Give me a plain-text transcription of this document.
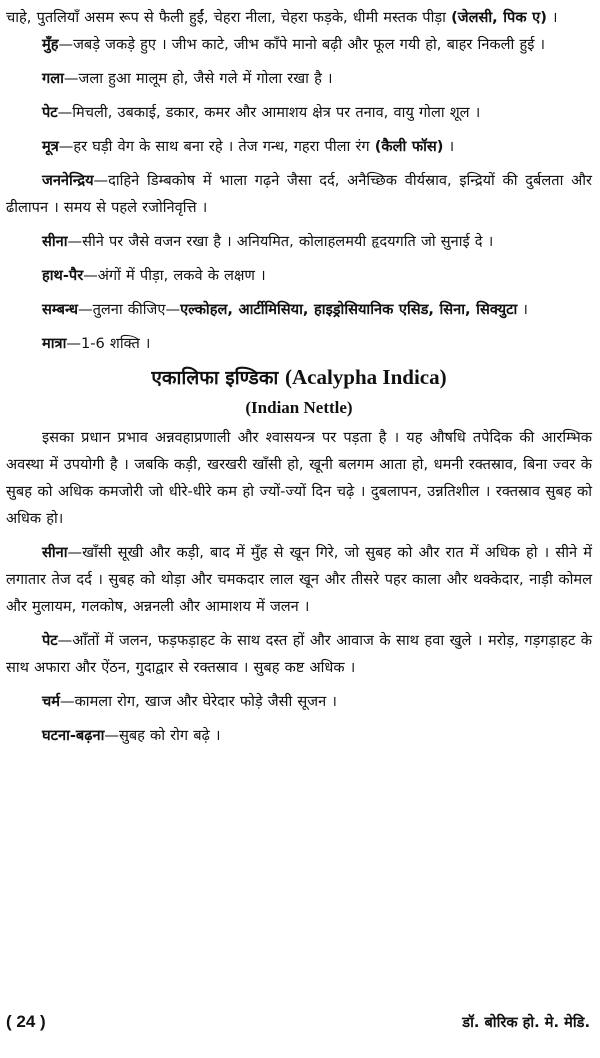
चाहे, पुतलियाँ असम रूप से फैली हुईं, चेहरा नीला, चेहरा फड़के, धीमी मस्तक पीड़ा (जेलसी, पिक ए) ।

मुँह—जबड़े जकड़े हुए । जीभ काटे, जीभ काँपे मानो बढ़ी और फूल गयी हो, बाहर निकली हुई ।

गला—जला हुआ मालूम हो, जैसे गले में गोला रखा है ।

पेट—मिचली, उबकाई, डकार, कमर और आमाशय क्षेत्र पर तनाव, वायु गोला शूल ।

मूत्र—हर घड़ी वेग के साथ बना रहे । तेज गन्ध, गहरा पीला रंग (कैली फॉस) ।

जननेन्द्रिय—दाहिने डिम्बकोष में भाला गढ़ने जैसा दर्द, अनैच्छिक वीर्यस्राव, इन्द्रियों की दुर्बलता और ढीलापन । समय से पहले रजोनिवृत्ति ।

सीना—सीने पर जैसे वजन रखा है । अनियमित, कोलाहलमयी हृदयगति जो सुनाई दे ।

हाथ-पैर—अंगों में पीड़ा, लकवे के लक्षण ।

सम्बन्ध—तुलना कीजिए—एल्कोहल, आर्टीमिसिया, हाइड्रोसियानिक एसिड, सिना, सिक्युटा ।

मात्रा—1-6 शक्ति ।

एकालिफा इण्डिका (Acalypha Indica)
(Indian Nettle)

इसका प्रधान प्रभाव अन्नवहाप्रणाली और श्वासयन्त्र पर पड़ता है । यह औषधि तपेदिक की आरम्भिक अवस्था में उपयोगी है । जबकि कड़ी, खरखरी खाँसी हो, खूनी बलगम आता हो, धमनी रक्तस्राव, बिना ज्वर के सुबह को अधिक कमजोरी जो धीरे-धीरे कम हो ज्यों-ज्यों दिन चढ़े । दुबलापन, उन्नतिशील । रक्तस्राव सुबह को अधिक हो।

सीना—खाँसी सूखी और कड़ी, बाद में मुँह से खून गिरे, जो सुबह को और रात में अधिक हो । सीने में लगातार तेज दर्द । सुबह को थोड़ा और चमकदार लाल खून और तीसरे पहर काला और थक्केदार, नाड़ी कोमल और मुलायम, गलकोष, अन्ननली और आमाशय में जलन ।

पेट—आँतों में जलन, फड़फड़ाहट के साथ दस्त हों और आवाज के साथ हवा खुले । मरोड़, गड़गड़ाहट के साथ अफारा और ऐंठन, गुदाद्वार से रक्तस्राव । सुबह कष्ट अधिक ।

चर्म—कामला रोग, खाज और घेरेदार फोड़े जैसी सूजन ।

घटना-बढ़ना—सुबह को रोग बढ़े ।

( 24 )	डॉ. बोरिक हो. मे. मेडि.
